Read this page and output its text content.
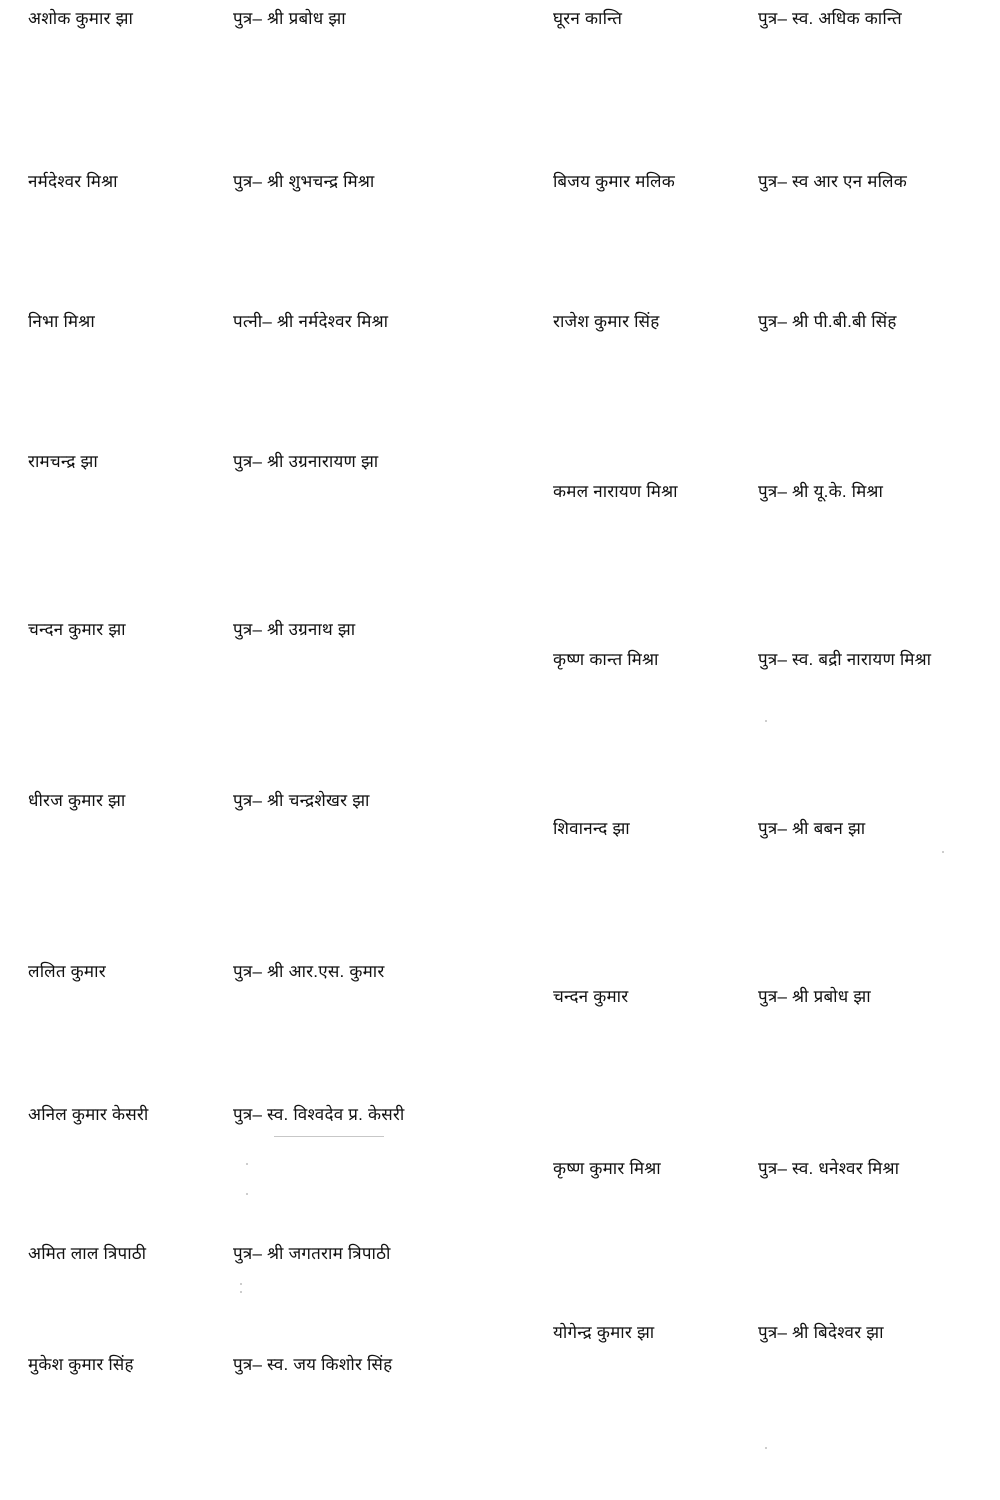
अशोक कुमार झा	पुत्र– श्री प्रबोध झा
नर्मदेश्वर मिश्रा	पुत्र– श्री शुभचन्द्र मिश्रा
निभा मिश्रा	पत्नी– श्री नर्मदेश्वर मिश्रा
रामचन्द्र झा	पुत्र– श्री उग्रनारायण झा
चन्दन कुमार झा	पुत्र– श्री उग्रनाथ झा
धीरज कुमार झा	पुत्र– श्री चन्द्रशेखर झा
ललित कुमार	पुत्र– श्री आर.एस. कुमार
अनिल कुमार केसरी	पुत्र– स्व. विश्वदेव प्र. केसरी
अमित लाल त्रिपाठी	पुत्र– श्री जगतराम त्रिपाठी
मुकेश कुमार सिंह	पुत्र– स्व. जय किशोर सिंह
घूरन कान्ति	पुत्र– स्व. अधिक कान्ति
बिजय कुमार मलिक	पुत्र– स्व आर एन मलिक
राजेश कुमार सिंह	पुत्र– श्री पी.बी.बी सिंह
कमल नारायण मिश्रा	पुत्र– श्री यू.के. मिश्रा
कृष्ण कान्त मिश्रा	पुत्र– स्व. बद्री नारायण मिश्रा
शिवानन्द झा	पुत्र– श्री बबन झा
चन्दन कुमार	पुत्र– श्री प्रबोध झा
कृष्ण कुमार मिश्रा	पुत्र– स्व. धनेश्वर मिश्रा
योगेन्द्र कुमार झा	पुत्र– श्री बिदेश्वर झा
